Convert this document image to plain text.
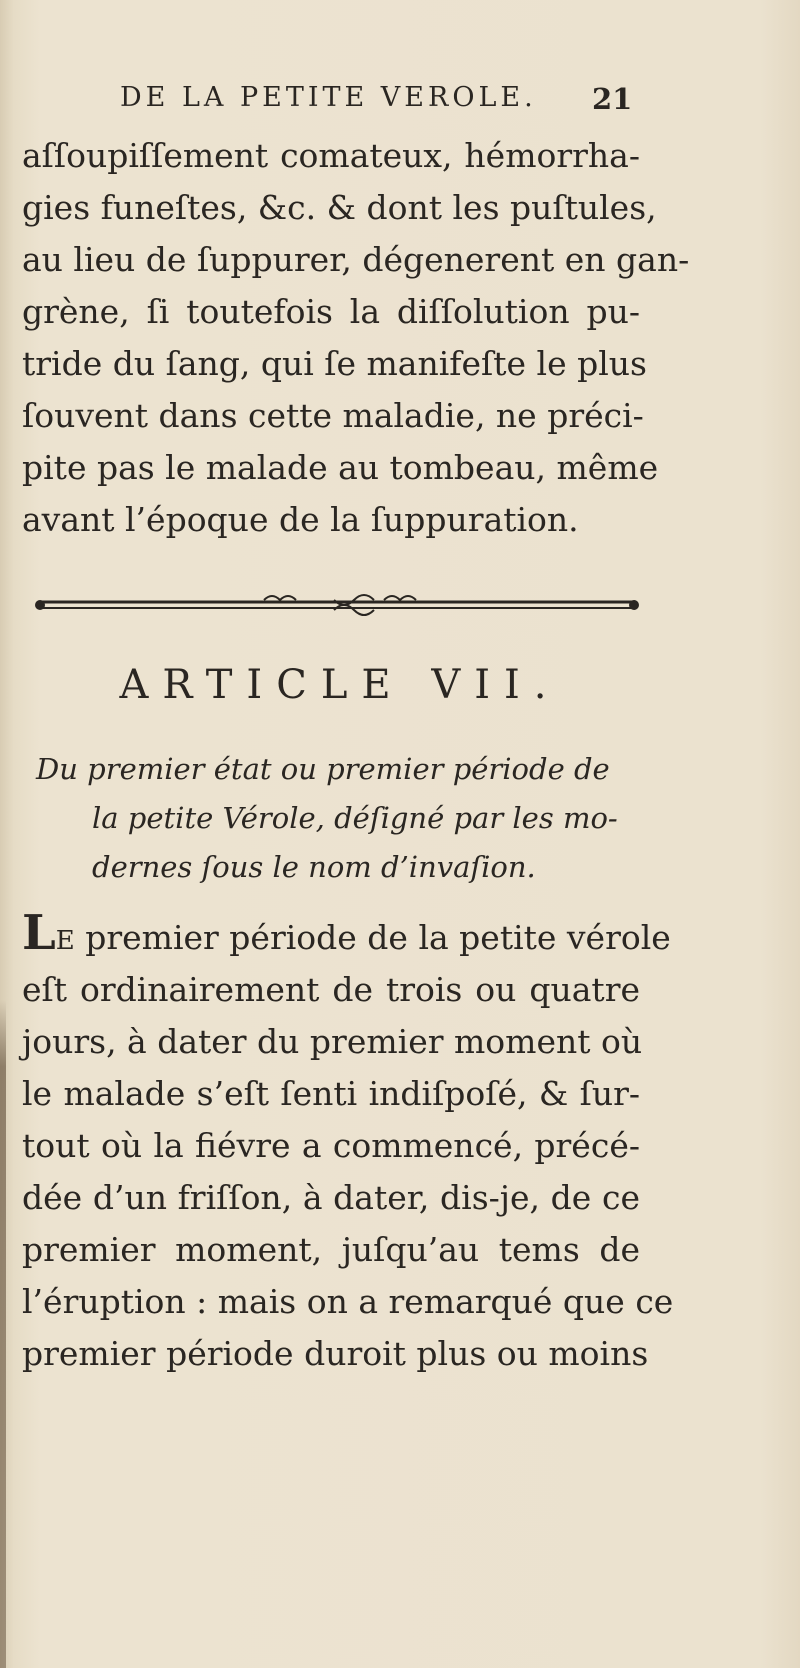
DE LA PETITE VEROLE.	21
aſſoupiſſement comateux, hémorrha-
gies funeſtes, &c. & dont les puſtules,
au lieu de ſuppurer, dégenerent en gan-
grène, ſi toutefois la diſſolution pu-
tride du ſang, qui ſe manifeſte le plus
ſouvent dans cette maladie, ne préci-
pite pas le malade au tombeau, même
avant l’époque de la ſuppuration.
ARTICLE VII.
Du premier état ou premier période de
la petite Vérole, déſigné par les mo-
dernes ſous le nom d’invaſion.
LE premier période de la petite vérole
eſt ordinairement de trois ou quatre
jours, à dater du premier moment où
le malade s’eſt ſenti indiſpoſé, & ſur-
tout où la fiévre a commencé, précé-
dée d’un friſſon, à dater, dis-je, de ce
premier moment, juſqu’au tems de
l’éruption : mais on a remarqué que ce
premier période duroit plus ou moins
